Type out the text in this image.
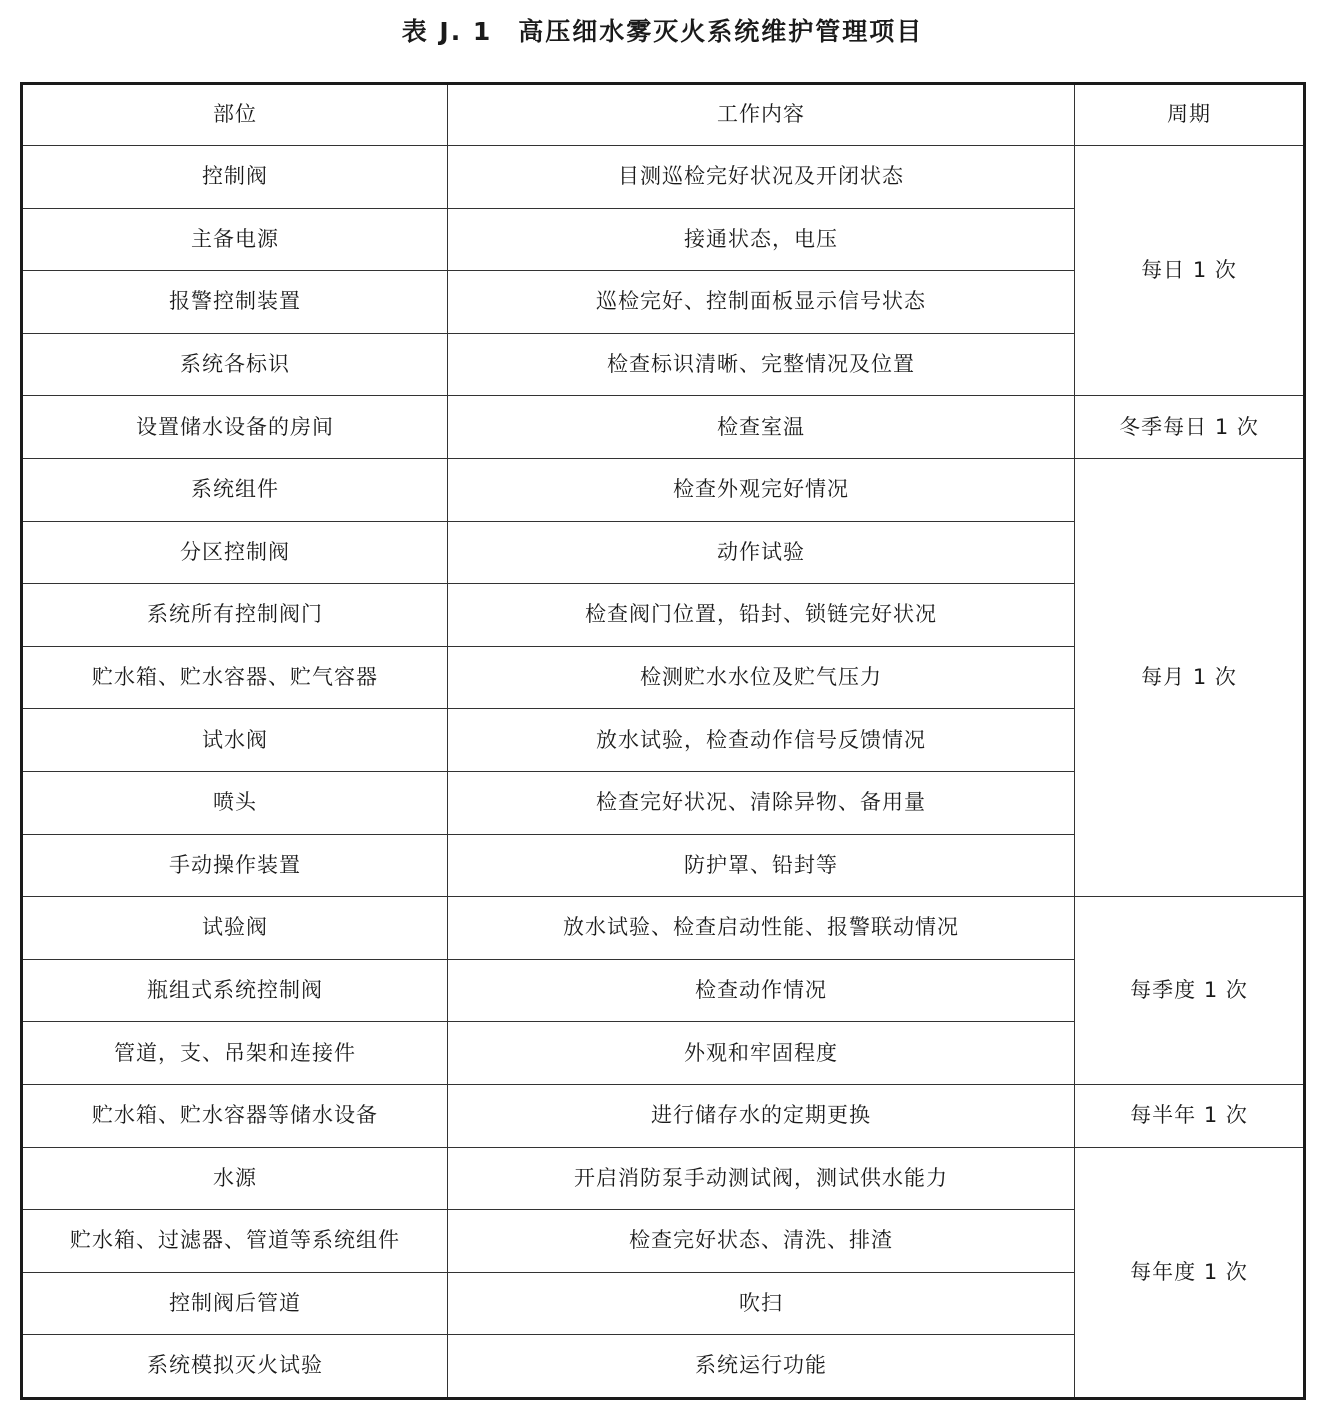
表 J. 1 高压细水雾灭火系统维护管理项目
部位	工作内容	周期
控制阀	目测巡检完好状况及开闭状态	每日 1 次
主备电源	接通状态，电压	
报警控制装置	巡检完好、控制面板显示信号状态	
系统各标识	检查标识清晰、完整情况及位置	
设置储水设备的房间	检查室温	冬季每日 1 次
系统组件	检查外观完好情况	每月 1 次
分区控制阀	动作试验	
系统所有控制阀门	检查阀门位置，铅封、锁链完好状况	
贮水箱、贮水容器、贮气容器	检测贮水水位及贮气压力	
试水阀	放水试验，检查动作信号反馈情况	
喷头	检查完好状况、清除异物、备用量	
手动操作装置	防护罩、铅封等	
试验阀	放水试验、检查启动性能、报警联动情况	每季度 1 次
瓶组式系统控制阀	检查动作情况	
管道，支、吊架和连接件	外观和牢固程度	
贮水箱、贮水容器等储水设备	进行储存水的定期更换	每半年 1 次
水源	开启消防泵手动测试阀，测试供水能力	每年度 1 次
贮水箱、过滤器、管道等系统组件	检查完好状态、清洗、排渣	
控制阀后管道	吹扫	
系统模拟灭火试验	系统运行功能	
